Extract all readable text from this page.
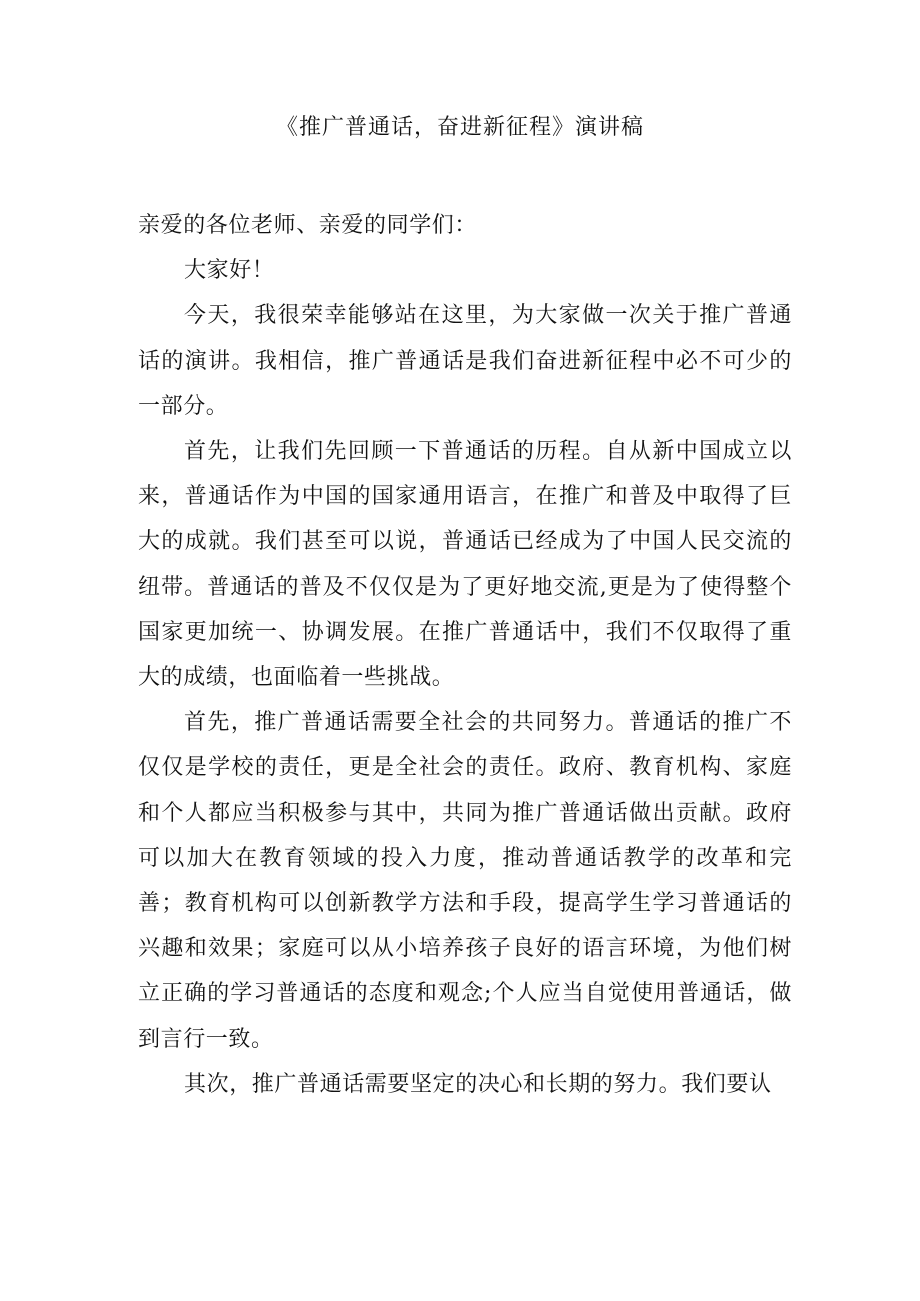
《推广普通话，奋进新征程》演讲稿

亲爱的各位老师、亲爱的同学们：

大家好！

今天，我很荣幸能够站在这里，为大家做一次关于推广普通话的演讲。我相信，推广普通话是我们奋进新征程中必不可少的一部分。

首先，让我们先回顾一下普通话的历程。自从新中国成立以来，普通话作为中国的国家通用语言，在推广和普及中取得了巨大的成就。我们甚至可以说，普通话已经成为了中国人民交流的纽带。普通话的普及不仅仅是为了更好地交流,更是为了使得整个国家更加统一、协调发展。在推广普通话中，我们不仅取得了重大的成绩，也面临着一些挑战。

首先，推广普通话需要全社会的共同努力。普通话的推广不仅仅是学校的责任，更是全社会的责任。政府、教育机构、家庭和个人都应当积极参与其中，共同为推广普通话做出贡献。政府可以加大在教育领域的投入力度，推动普通话教学的改革和完善；教育机构可以创新教学方法和手段，提高学生学习普通话的兴趣和效果；家庭可以从小培养孩子良好的语言环境，为他们树立正确的学习普通话的态度和观念;个人应当自觉使用普通话，做到言行一致。

其次，推广普通话需要坚定的决心和长期的努力。我们要认
